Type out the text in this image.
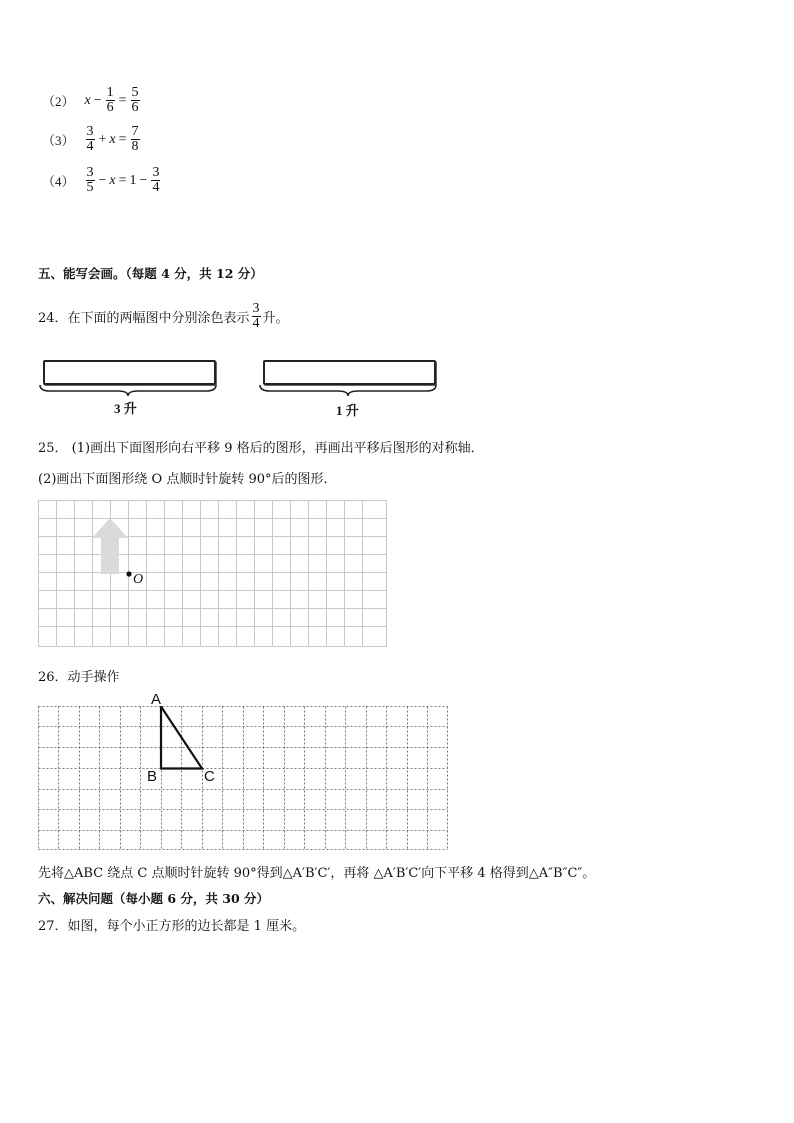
（2） $x - \frac{1}{6} = \frac{5}{6}$
$(3) \frac{3}{4} + x = \frac{7}{8}$
$(4) \frac{3}{5} - x = 1 - \frac{3}{4}$
五、能写会画。（每题 4 分，共 12 分）
24．在下面的两幅图中分别涂色表示 $\frac{3}{4}$ 升。
3 升	1 升
25． (1)画出下面图形向右平移 9 格后的图形，再画出平移后图形的对称轴．
(2)画出下面图形绕 O 点顺时针旋转 90°后的图形．
O
26．动手操作
A
B	C
先将△ABC 绕点 C 点顺时针旋转 90°得到△A′B′C′，再将 △A′B′C′向下平移 4 格得到△A″B″C″。
六、解决问题（每小题 6 分，共 30 分）
27．如图，每个小正方形的边长都是 1 厘米。
